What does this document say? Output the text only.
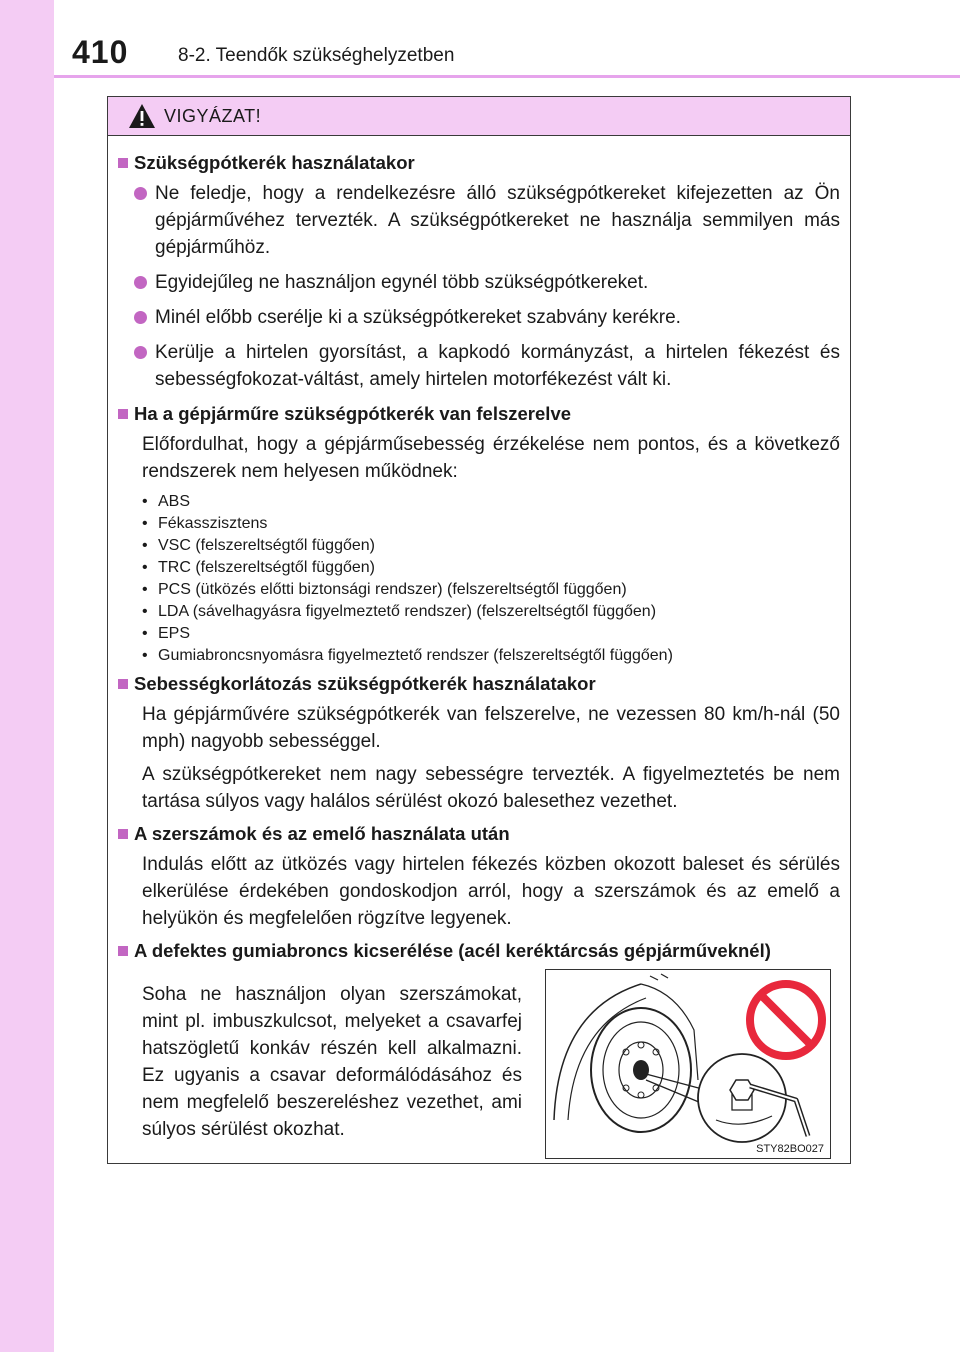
410	8-2. Teendők szükséghelyzetben
VIGYÁZAT!
Szükségpótkerék használatakor
Ne feledje, hogy a rendelkezésre álló szükségpótkereket kifejezetten az Ön gépjárművéhez tervezték. A szükségpótkereket ne használja semmilyen más gépjárműhöz.
Egyidejűleg ne használjon egynél több szükségpótkereket.
Minél előbb cserélje ki a szükségpótkereket szabvány kerékre.
Kerülje a hirtelen gyorsítást, a kapkodó kormányzást, a hirtelen fékezést és sebességfokozat-váltást, amely hirtelen motorfékezést vált ki.
Ha a gépjárműre szükségpótkerék van felszerelve
Előfordulhat, hogy a gépjárműsebesség érzékelése nem pontos, és a következő rendszerek nem helyesen működnek:
• ABS
• Fékasszisztens
• VSC (felszereltségtől függően)
• TRC (felszereltségtől függően)
• PCS (ütközés előtti biztonsági rendszer) (felszereltségtől függően)
• LDA (sávelhagyásra figyelmeztető rendszer) (felszereltségtől függően)
• EPS
• Gumiabroncsnyomásra figyelmeztető rendszer (felszereltségtől függően)
Sebességkorlátozás szükségpótkerék használatakor
Ha gépjárművére szükségpótkerék van felszerelve, ne vezessen 80 km/h-nál (50 mph) nagyobb sebességgel.
A szükségpótkereket nem nagy sebességre tervezték. A figyelmeztetés be nem tartása súlyos vagy halálos sérülést okozó balesethez vezethet.
A szerszámok és az emelő használata után
Indulás előtt az ütközés vagy hirtelen fékezés közben okozott baleset és sérülés elkerülése érdekében gondoskodjon arról, hogy a szerszámok és az emelő a helyükön és megfelelően rögzítve legyenek.
A defektes gumiabroncs kicserélése (acél keréktárcsás gépjárműveknél)
Soha ne használjon olyan szerszámokat, mint pl. imbuszkulcsot, melyeket a csavarfej hatszögletű konkáv részén kell alkalmazni. Ez ugyanis a csavar deformálódásához és nem megfelelő beszereléshez vezethet, ami súlyos sérülést okozhat.
STY82BO027
